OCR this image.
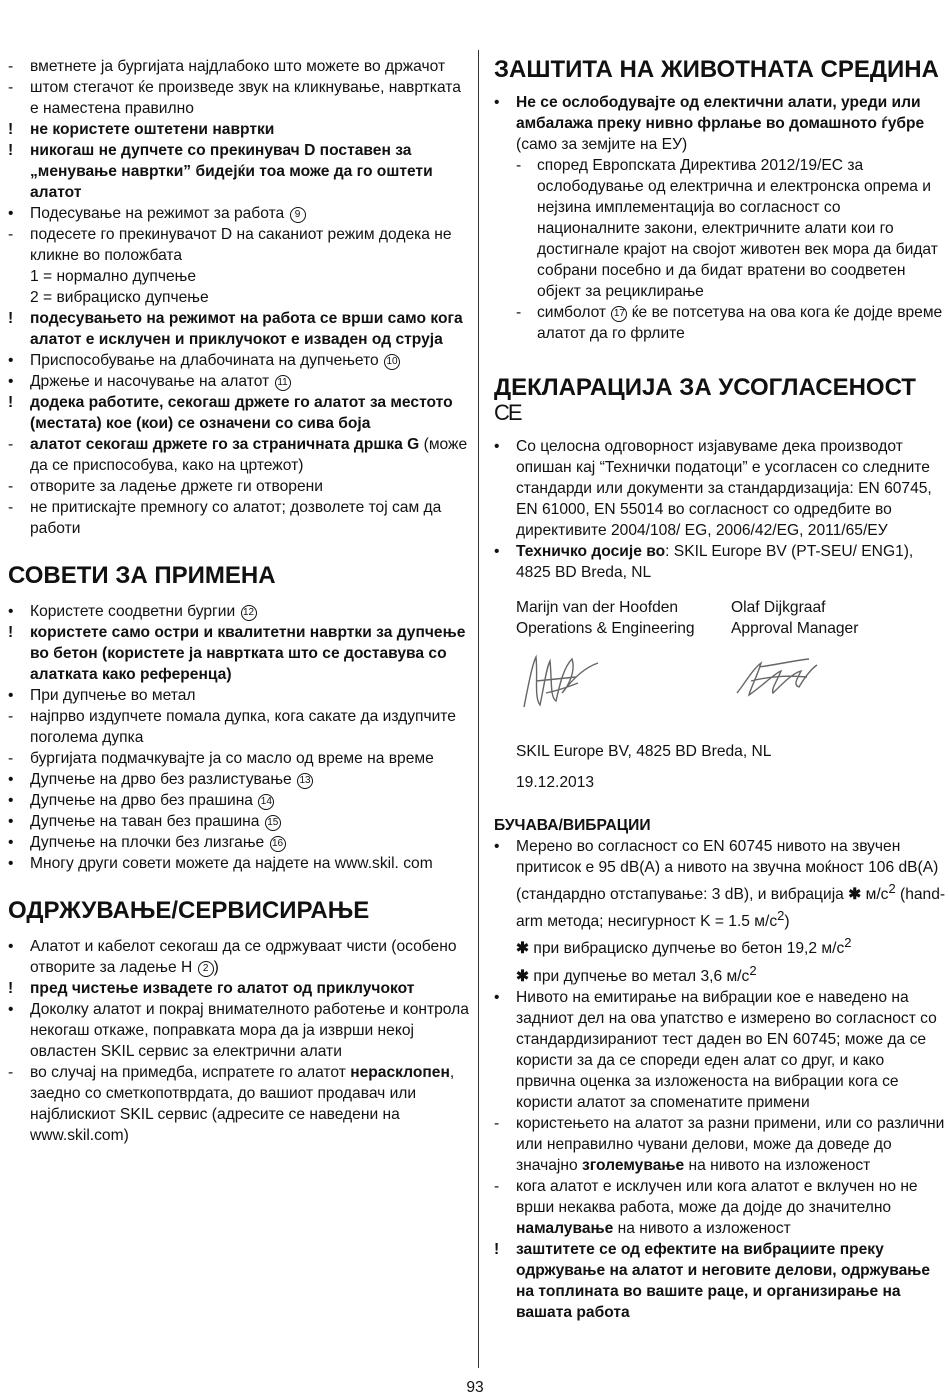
-	вметнете ја бургијата најдлабоко што можете во држачот
-	штом стегачот ќе произведе звук на кликнување, навртката е наместена правилно
!	не користете оштетени навртки
!	никогаш не дупчете со прекинувач D поставен за „менување навртки” бидејќи тоа може да го оштети алатот
•	Подесување на режимот за работа 9
-	подесете го прекинувачот D на саканиот режим додека не кликне во положбата
1 = нормално дупчење
2 = вибрациско дупчење
!	подесувањето на режимот на работа се врши само кога алатот е исклучен и приклучокот е извaден од струја
•	Приспособување на длабочината на дупчењето 10
•	Држење и насочување на алатот 11
!	додека работите, секогаш држете го алатот за местото (местата) кое (кои) се означени со сива боја
-	алатот секогаш држете го за страничната дршка G (може да се приспособува, како на цртежот)
-	отворите за ладење држете ги отворени
-	не притискајте премногу со алатот; дозволете тој сам да работи
СОВЕТИ ЗА ПРИМЕНА
•	Користете соодветни бургии 12
!	користете само остри и квалитетни навртки за дупчење во бетон (користете ја навртката што се доставува со алатката како референца)
•	При дупчење во метал
-	најпрво издупчете помала дупка, кога сакате да издупчите поголема дупка
-	бургијата подмачкувајте ја со масло од време на време
•	Дупчење на дрво без разлистување 13
•	Дупчење на дрво без прашина 14
•	Дупчење на таван без прашина 15
•	Дупчење на плочки без лизгање 16
•	Многу други совети можете да најдете на www.skil. com
ОДРЖУВАЊЕ/СЕРВИСИРАЊЕ
•	Алатот и кабелот секогаш да се одржуваат чисти (особено отворите за ладење H 2 )
!	пред чистење извадете го алатот од приклучокот
•	Доколку алатот и покрај внимателното работење и контрола некогаш откаже, поправката мора да ја изврши некој овластен SKIL сервис за електрични алати
-	во случај на примедба, испратете го алатот нерасклопен, заедно со сметкопотврдата, до вашиот продавач или најблискиот SKIL сервис (адресите се наведени на www.skil.com)
ЗАШТИТА НА ЖИВОТНАТА СРЕДИНА
•	Не се ослободувајте од електични алати, уреди или амбалажа преку нивно фрлање во домашното ѓубре (само за земјите на ЕУ)
-	според Европската Директива 2012/19/EC за ослободување од електрична и електронска опрема и нејзина имплементација во согласност со националните закони, електричните алати кои го достигнале крајот на својот животен век мора да бидат собрани посебно и да бидат вратени во соодветен објект за рециклирање
-	симболот 17 ќе ве потсетува на ова кога ќе дојде време алатот да го фрлите
ДЕКЛАРАЦИЈА ЗА УСОГЛАСЕНОСТ
CE
•	Со целосна одговорност изјавуваме дека производот опишан кај “Технички податоци” е усогласен со следните стандарди или документи за стандардизација: EN 60745, EN 61000, EN 55014 во согласност со одредбите во директивите 2004/108/ EG, 2006/42/EG, 2011/65/ЕУ
•	Техничко досије во: SKIL Europe BV (PT-SEU/ ENG1), 4825 BD Breda, NL
Marijn van der Hoofden
Operations & Engineering
Olaf Dijkgraaf
Approval Manager
SKIL Europe BV, 4825 BD Breda, NL
19.12.2013
БУЧАВА/ВИБРАЦИИ
•	Мерено во согласност со EN 60745 нивото на звучен притисок е 95 dB(A) а нивото на звучна моќност 106 dB(A) (стандардно отстапување: 3 dB), и вибрација ✱ $м/с^2$ (hand-arm метода; несигурност K = 1.5 $м/с^2$)
✱ при вибрациско дупчење во бетон 19,2 $м/с^2$
✱ при дупчење во метал 3,6 $м/с^2$
•	Нивото на емитирање на вибрации кое е наведено на задниот дел на ова упатство е измерено во согласност со стандардизираниот тест даден во EN 60745; може да се користи за да се спореди еден алат со друг, и како првична оценка за изложеноста на вибрации кога се користи алатот за споменатите примени
-	користењето на алатот за разни примени, или со различни или неправилно чувани делови, може да доведе до значајно зголемување на нивото на изложеност
-	кога алатот е исклучен или кога алатот е вклучен но не врши некаква работа, може да дојде до значително намалување на нивото а изложеност
!	заштитете се од ефектите на вибрациите преку одржување на алатот и неговите делови, одржување на топлината во вашите раце, и организирање на вашата работа
93
